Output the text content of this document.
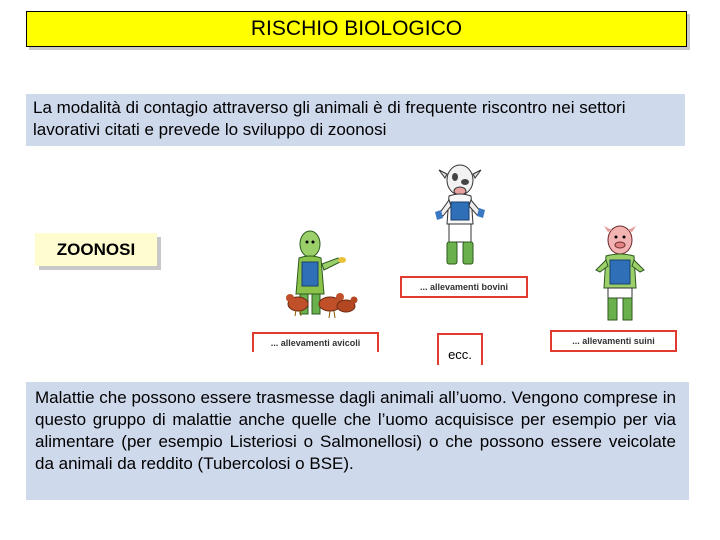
RISCHIO BIOLOGICO
La modalità di contagio attraverso gli animali è di frequente riscontro nei settori lavorativi citati e prevede lo sviluppo di zoonosi
ZOONOSI
... allevamenti bovini
... allevamenti avicoli	... allevamenti suini
ecc.
Malattie che possono essere trasmesse dagli animali all’uomo. Vengono comprese in questo gruppo di malattie anche quelle che l’uomo acquisisce per esempio per via alimentare (per esempio Listeriosi o Salmonellosi) o che possono essere veicolate da animali da reddito (Tubercolosi o BSE).
